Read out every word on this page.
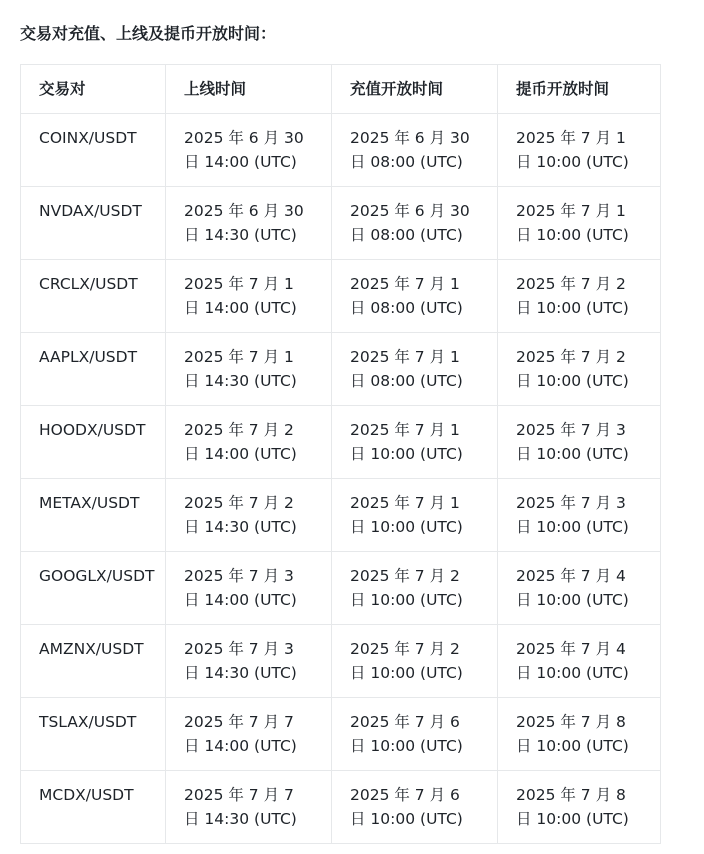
交易对充值、上线及提币开放时间：
交易对	上线时间	充值开放时间	提币开放时间
COINX/USDT	2025 年 6 月 30 日 14:00 (UTC)	2025 年 6 月 30 日 08:00 (UTC)	2025 年 7 月 1 日 10:00 (UTC)
NVDAX/USDT	2025 年 6 月 30 日 14:30 (UTC)	2025 年 6 月 30 日 08:00 (UTC)	2025 年 7 月 1 日 10:00 (UTC)
CRCLX/USDT	2025 年 7 月 1 日 14:00 (UTC)	2025 年 7 月 1 日 08:00 (UTC)	2025 年 7 月 2 日 10:00 (UTC)
AAPLX/USDT	2025 年 7 月 1 日 14:30 (UTC)	2025 年 7 月 1 日 08:00 (UTC)	2025 年 7 月 2 日 10:00 (UTC)
HOODX/USDT	2025 年 7 月 2 日 14:00 (UTC)	2025 年 7 月 1 日 10:00 (UTC)	2025 年 7 月 3 日 10:00 (UTC)
METAX/USDT	2025 年 7 月 2 日 14:30 (UTC)	2025 年 7 月 1 日 10:00 (UTC)	2025 年 7 月 3 日 10:00 (UTC)
GOOGLX/USDT	2025 年 7 月 3 日 14:00 (UTC)	2025 年 7 月 2 日 10:00 (UTC)	2025 年 7 月 4 日 10:00 (UTC)
AMZNX/USDT	2025 年 7 月 3 日 14:30 (UTC)	2025 年 7 月 2 日 10:00 (UTC)	2025 年 7 月 4 日 10:00 (UTC)
TSLAX/USDT	2025 年 7 月 7 日 14:00 (UTC)	2025 年 7 月 6 日 10:00 (UTC)	2025 年 7 月 8 日 10:00 (UTC)
MCDX/USDT	2025 年 7 月 7 日 14:30 (UTC)	2025 年 7 月 6 日 10:00 (UTC)	2025 年 7 月 8 日 10:00 (UTC)
